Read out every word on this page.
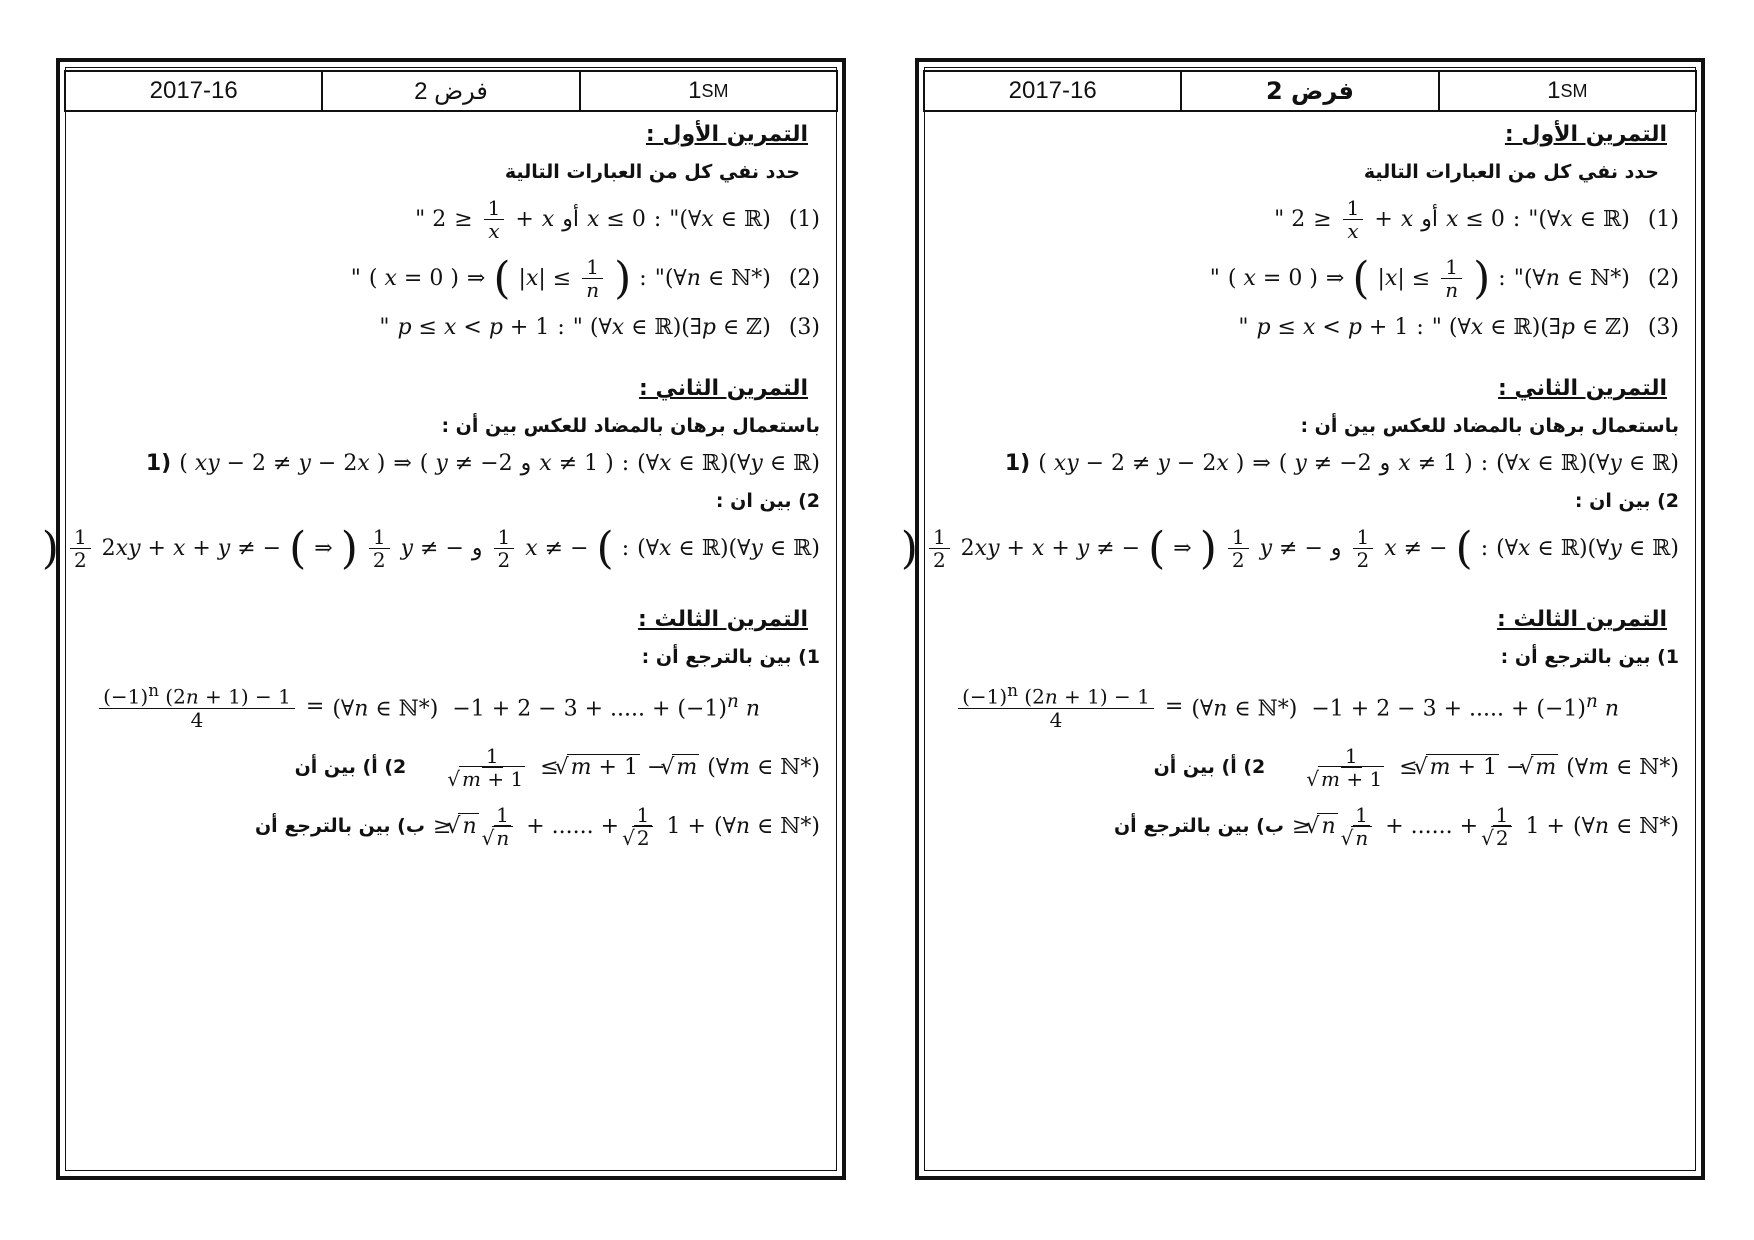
2017-16	فرض 2	1 SM
التمرين الأول :
حدد نفي كل من العبارات التالية
" $2 \ge \frac{1}{x} + x$ أو x ≤ 0 : "(∀x ∈ ℝ) (1)
" ( x = 0 ) ⇒ ( $|x| \le \frac{1}{n}$ ) : "(∀n ∈ ℕ*) (2)
" p ≤ x < p + 1 : " (∀x ∈ ℝ)(∃p ∈ ℤ) (3)
التمرين الثاني :
باستعمال برهان بالمضاد للعكس بين أن :
1) ( xy − 2 ≠ y − 2x ) ⇒ ( y ≠ −2 و x ≠ 1 ) : (∀x ∈ ℝ)(∀y ∈ ℝ)
2) بين ان :
) $\frac{1}{2} 2xy + x + y$ ≠ − ( ⇒ ) $\frac{1}{2}$ y ≠ − و $\frac{1}{2}$ x ≠ − ( : (∀x ∈ ℝ)(∀y ∈ ℝ)
التمرين الثالث :
1) بين بالترجع أن :
$\frac{(-1)^n (2n + 1) - 1}{4}$ = (∀n ∈ ℕ*)  −1 + 2 − 3 + ..... + $(-1)^n$ n
2) أ) بين أن 1
√ m + 1 ≤ √ m + 1 − √ m (∀m ∈ ℕ*)
ب) بين بالترجع أن ≥ √ n 1
√ n + ...... + 1
√ 2 1 + (∀n ∈ ℕ*)
2017-16	فرض 2	1 SM
التمرين الأول :
حدد نفي كل من العبارات التالية
" $2 \ge \frac{1}{x} + x$ أو x ≤ 0 : "(∀x ∈ ℝ) (1)
" ( x = 0 ) ⇒ ( $|x| \le \frac{1}{n}$ ) : "(∀n ∈ ℕ*) (2)
" p ≤ x < p + 1 : " (∀x ∈ ℝ)(∃p ∈ ℤ) (3)
التمرين الثاني :
باستعمال برهان بالمضاد للعكس بين أن :
1) ( xy − 2 ≠ y − 2x ) ⇒ ( y ≠ −2 و x ≠ 1 ) : (∀x ∈ ℝ)(∀y ∈ ℝ)
2) بين ان :
) $\frac{1}{2} 2xy + x + y$ ≠ − ( ⇒ ) $\frac{1}{2}$ y ≠ − و $\frac{1}{2}$ x ≠ − ( : (∀x ∈ ℝ)(∀y ∈ ℝ)
التمرين الثالث :
1) بين بالترجع أن :
$\frac{(-1)^n (2n + 1) - 1}{4}$ = (∀n ∈ ℕ*)  −1 + 2 − 3 + ..... + $(-1)^n$ n
2) أ) بين أن 1
√ m + 1 ≤ √ m + 1 − √ m (∀m ∈ ℕ*)
ب) بين بالترجع أن ≥ √ n 1
√ n + ...... + 1
√ 2 1 + (∀n ∈ ℕ*)
